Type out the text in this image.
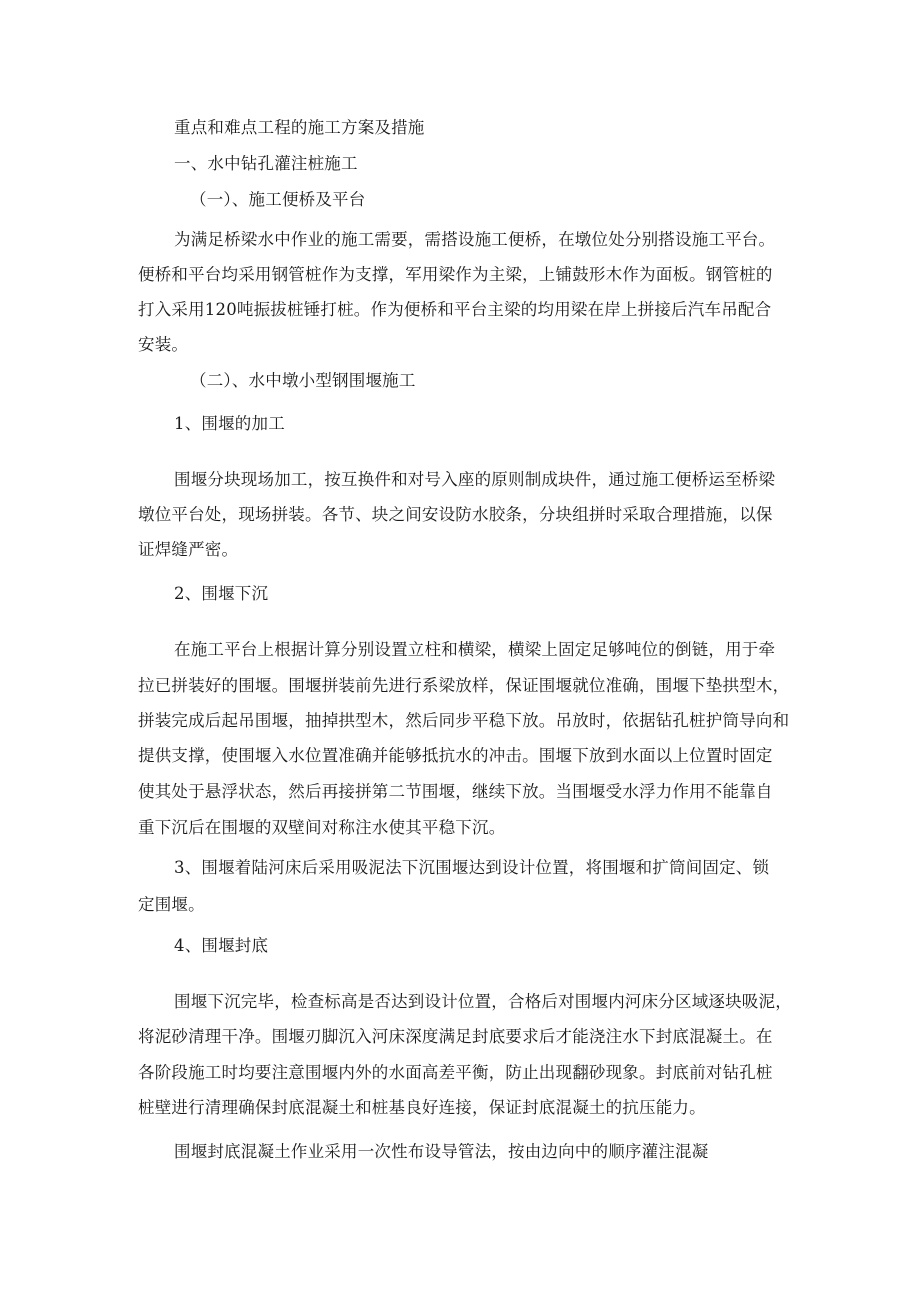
重点和难点工程的施工方案及措施
一、水中钻孔灌注桩施工
（一）、施工便桥及平台
为满足桥梁水中作业的施工需要，需搭设施工便桥，在墩位处分别搭设施工平台。
便桥和平台均采用钢管桩作为支撑，军用梁作为主梁，上铺鼓形木作为面板。钢管桩的
打入采用120吨振拔桩锤打桩。作为便桥和平台主梁的均用梁在岸上拼接后汽车吊配合
安装。
（二）、水中墩小型钢围堰施工
1、围堰的加工
围堰分块现场加工，按互换件和对号入座的原则制成块件，通过施工便桥运至桥梁
墩位平台处，现场拼装。各节、块之间安设防水胶条，分块组拼时采取合理措施，以保
证焊缝严密。
2、围堰下沉
在施工平台上根据计算分别设置立柱和横梁，横梁上固定足够吨位的倒链，用于牵
拉已拼装好的围堰。围堰拼装前先进行系梁放样，保证围堰就位准确，围堰下垫拱型木，
拼装完成后起吊围堰，抽掉拱型木，然后同步平稳下放。吊放时，依据钻孔桩护筒导向和
提供支撑，使围堰入水位置准确并能够抵抗水的冲击。围堰下放到水面以上位置时固定
使其处于悬浮状态，然后再接拼第二节围堰，继续下放。当围堰受水浮力作用不能靠自
重下沉后在围堰的双壁间对称注水使其平稳下沉。
3、围堰着陆河床后采用吸泥法下沉围堰达到设计位置，将围堰和扩筒间固定、锁
定围堰。
4、围堰封底
围堰下沉完毕，检查标高是否达到设计位置，合格后对围堰内河床分区域逐块吸泥，
将泥砂清理干净。围堰刃脚沉入河床深度满足封底要求后才能浇注水下封底混凝土。在
各阶段施工时均要注意围堰内外的水面高差平衡，防止出现翻砂现象。封底前对钻孔桩
桩壁进行清理确保封底混凝土和桩基良好连接，保证封底混凝土的抗压能力。
围堰封底混凝土作业采用一次性布设导管法，按由边向中的顺序灌注混凝
